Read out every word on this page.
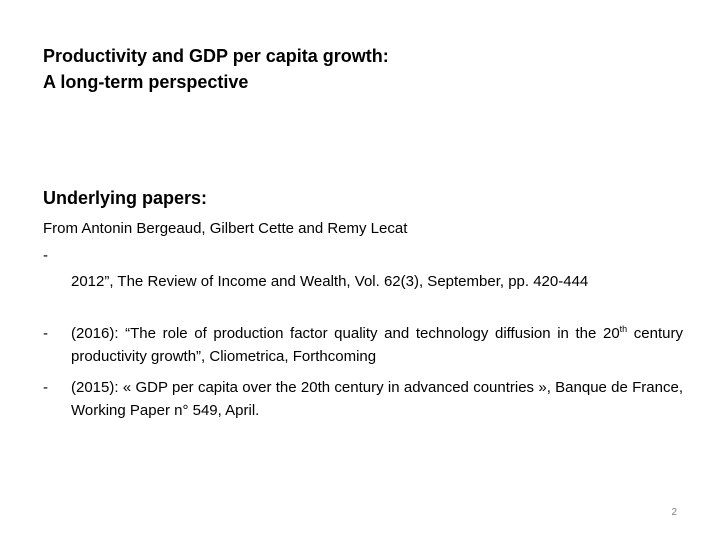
Productivity and GDP per capita growth:
A long-term perspective
Underlying papers:
From Antonin Bergeaud, Gilbert Cette and Remy Lecat
-
2012”, The Review of Income and Wealth, Vol. 62(3), September, pp. 420-444
-	(2016): “The role of production factor quality and technology diffusion in the 20th century productivity growth”, Cliometrica, Forthcoming
-	(2015): « GDP per capita over the 20th century in advanced countries », Banque de France, Working Paper n° 549, April.
2
